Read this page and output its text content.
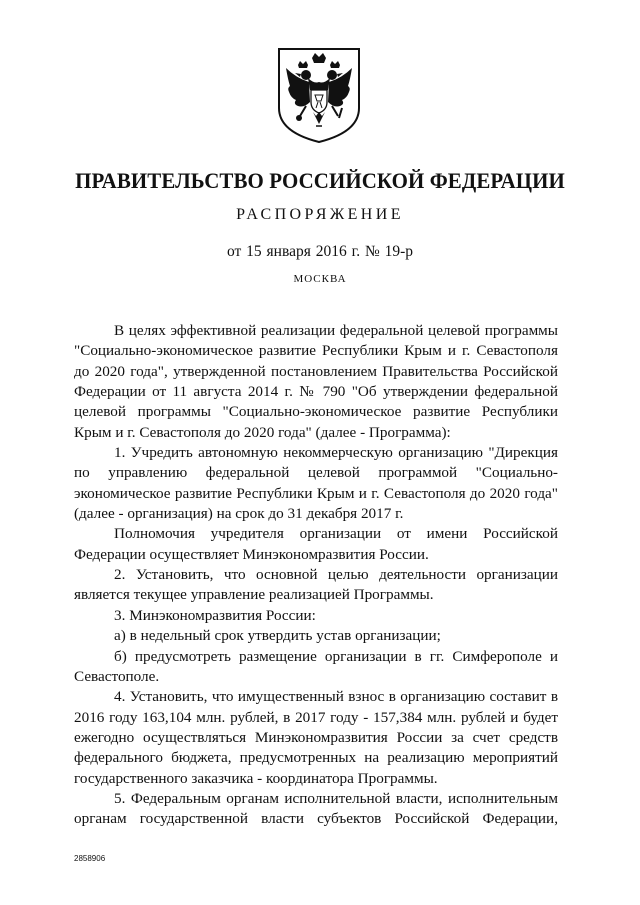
ПРАВИТЕЛЬСТВО РОССИЙСКОЙ ФЕДЕРАЦИИ
РАСПОРЯЖЕНИЕ
от 15 января 2016 г. № 19-р
МОСКВА
В целях эффективной реализации федеральной целевой программы
"Социально-экономическое развитие Республики Крым и г. Севастополя
до 2020 года", утвержденной постановлением Правительства Российской
Федерации от 11 августа 2014 г. № 790 "Об утверждении федеральной
целевой программы "Социально-экономическое развитие Республики
Крым и г. Севастополя до 2020 года" (далее - Программа):
1. Учредить автономную некоммерческую организацию "Дирекция
по управлению федеральной целевой программой "Социально-
экономическое развитие Республики Крым и г. Севастополя до 2020 года"
(далее - организация) на срок до 31 декабря 2017 г.
Полномочия учредителя организации от имени Российской
Федерации осуществляет Минэкономразвития России.
2. Установить, что основной целью деятельности организации
является текущее управление реализацией Программы.
3. Минэкономразвития России:
а) в недельный срок утвердить устав организации;
б) предусмотреть размещение организации в гг. Симферополе и
Севастополе.
4. Установить, что имущественный взнос в организацию составит в
2016 году 163,104 млн. рублей, в 2017 году - 157,384 млн. рублей и будет
ежегодно осуществляться Минэкономразвития России за счет средств
федерального бюджета, предусмотренных на реализацию мероприятий
государственного заказчика - координатора Программы.
5. Федеральным органам исполнительной власти, исполнительным
органам государственной власти субъектов Российской Федерации,
2858906
